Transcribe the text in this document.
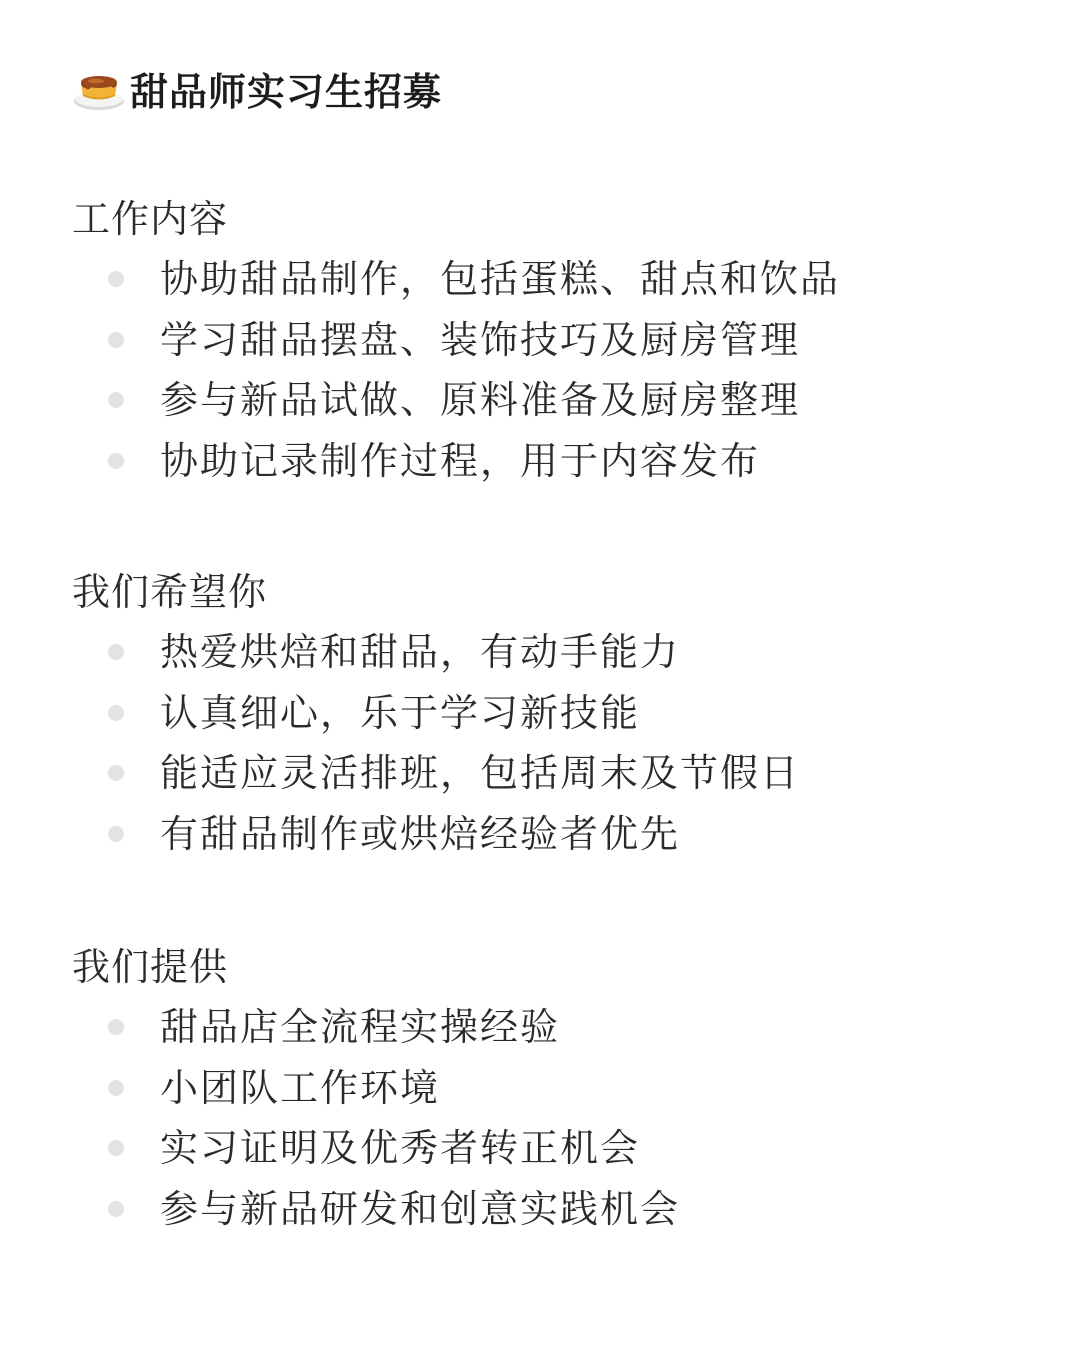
甜品师实习生招募
工作内容
协助甜品制作，包括蛋糕、甜点和饮品
学习甜品摆盘、装饰技巧及厨房管理
参与新品试做、原料准备及厨房整理
协助记录制作过程，用于内容发布
我们希望你
热爱烘焙和甜品，有动手能力
认真细心，乐于学习新技能
能适应灵活排班，包括周末及节假日
有甜品制作或烘焙经验者优先
我们提供
甜品店全流程实操经验
小团队工作环境
实习证明及优秀者转正机会
参与新品研发和创意实践机会
